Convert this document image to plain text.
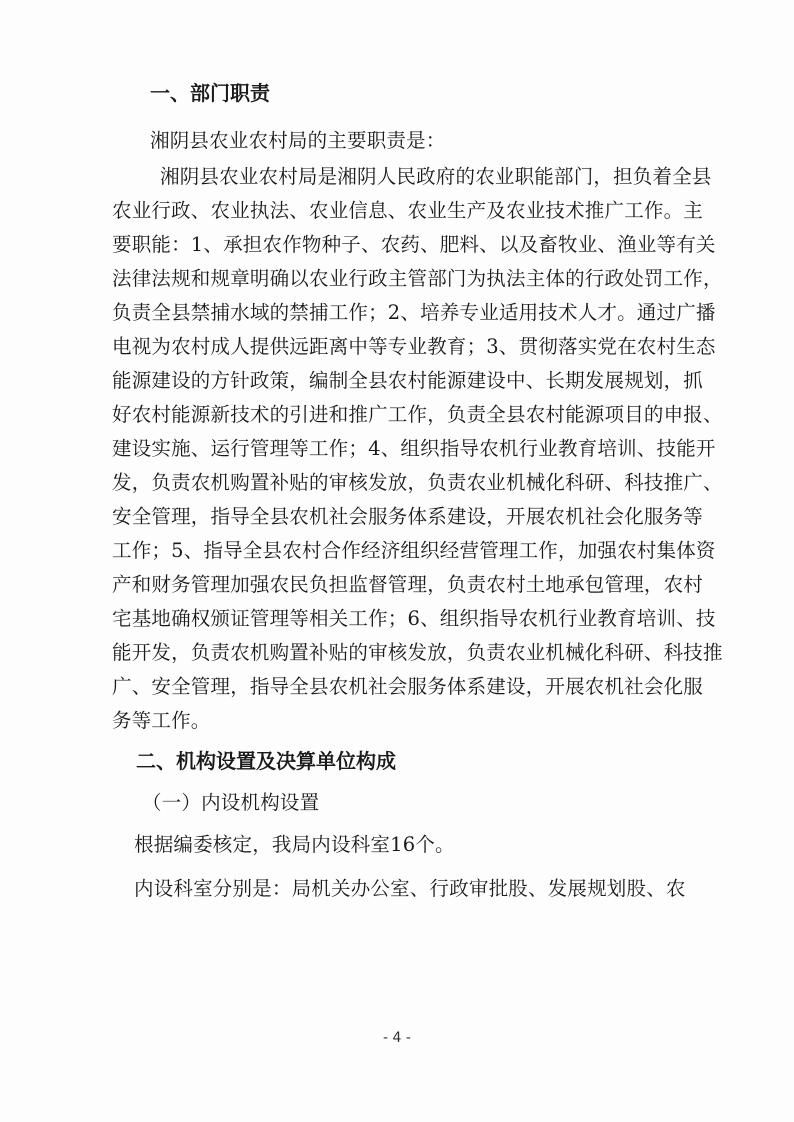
一、部门职责
湘阴县农业农村局的主要职责是：
湘阴县农业农村局是湘阴人民政府的农业职能部门，担负着全县
农业行政、农业执法、农业信息、农业生产及农业技术推广工作。主
要职能：1、承担农作物种子、农药、肥料、以及畜牧业、渔业等有关
法律法规和规章明确以农业行政主管部门为执法主体的行政处罚工作，
负责全县禁捕水域的禁捕工作；2、培养专业适用技术人才。通过广播
电视为农村成人提供远距离中等专业教育；3、贯彻落实党在农村生态
能源建设的方针政策，编制全县农村能源建设中、长期发展规划，抓
好农村能源新技术的引进和推广工作，负责全县农村能源项目的申报、
建设实施、运行管理等工作；4、组织指导农机行业教育培训、技能开
发，负责农机购置补贴的审核发放，负责农业机械化科研、科技推广、
安全管理，指导全县农机社会服务体系建设，开展农机社会化服务等
工作；5、指导全县农村合作经济组织经营管理工作，加强农村集体资
产和财务管理加强农民负担监督管理，负责农村土地承包管理，农村
宅基地确权颁证管理等相关工作；6、组织指导农机行业教育培训、技
能开发，负责农机购置补贴的审核发放，负责农业机械化科研、科技推
广、安全管理，指导全县农机社会服务体系建设，开展农机社会化服
务等工作。
二、机构设置及决算单位构成
（一）内设机构设置
根据编委核定，我局内设科室16个。
内设科室分别是：局机关办公室、行政审批股、发展规划股、农
- 4 -
